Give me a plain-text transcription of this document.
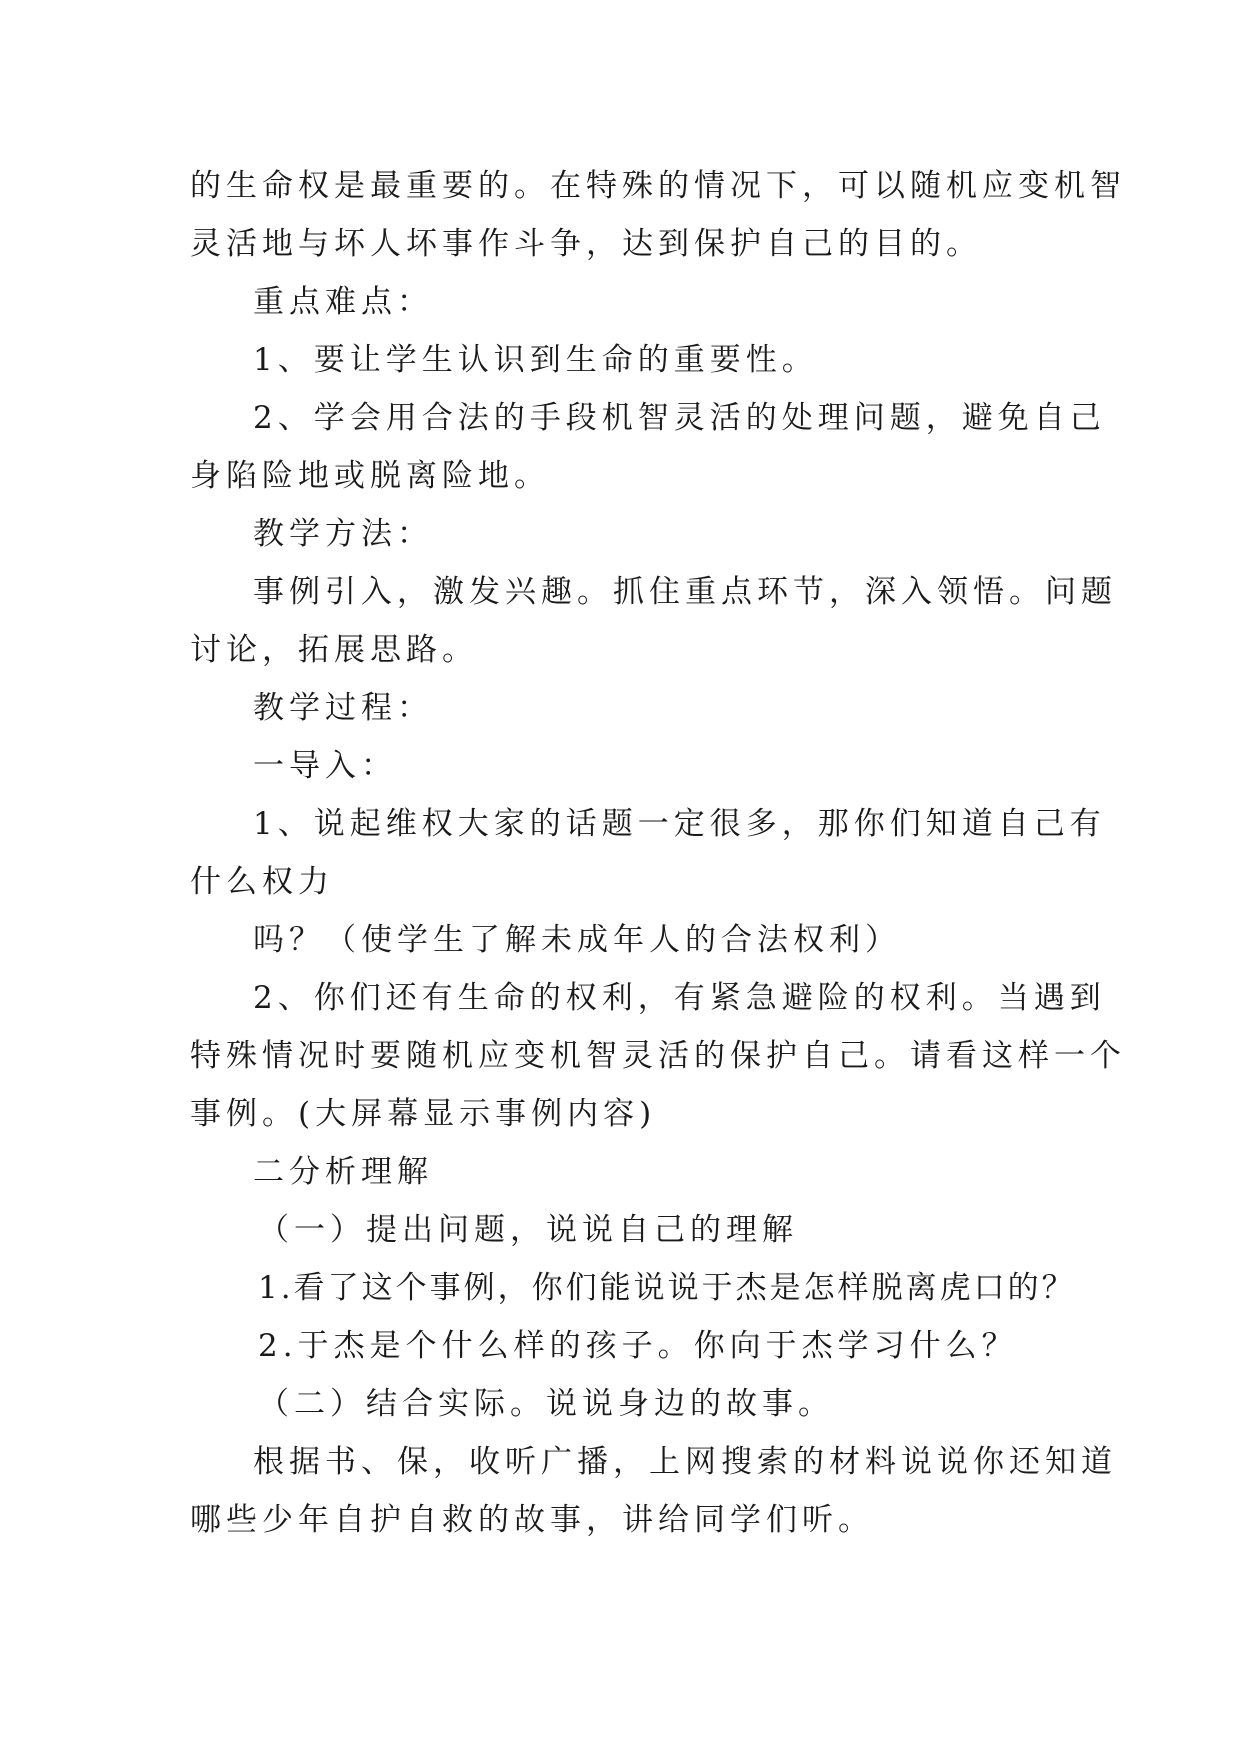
的生命权是最重要的。在特殊的情况下，可以随机应变机智

灵活地与坏人坏事作斗争，达到保护自己的目的。

重点难点：

1、要让学生认识到生命的重要性。

2、学会用合法的手段机智灵活的处理问题，避免自己

身陷险地或脱离险地。

教学方法：

事例引入，激发兴趣。抓住重点环节，深入领悟。问题

讨论，拓展思路。

教学过程：

一导入：

1、说起维权大家的话题一定很多，那你们知道自己有

什么权力

吗？（使学生了解未成年人的合法权利）

2、你们还有生命的权利，有紧急避险的权利。当遇到

特殊情况时要随机应变机智灵活的保护自己。请看这样一个

事例。(大屏幕显示事例内容)

二分析理解

（一）提出问题，说说自己的理解

1.看了这个事例，你们能说说于杰是怎样脱离虎口的？

2.于杰是个什么样的孩子。你向于杰学习什么？

（二）结合实际。说说身边的故事。

根据书、保，收听广播，上网搜索的材料说说你还知道

哪些少年自护自救的故事，讲给同学们听。
